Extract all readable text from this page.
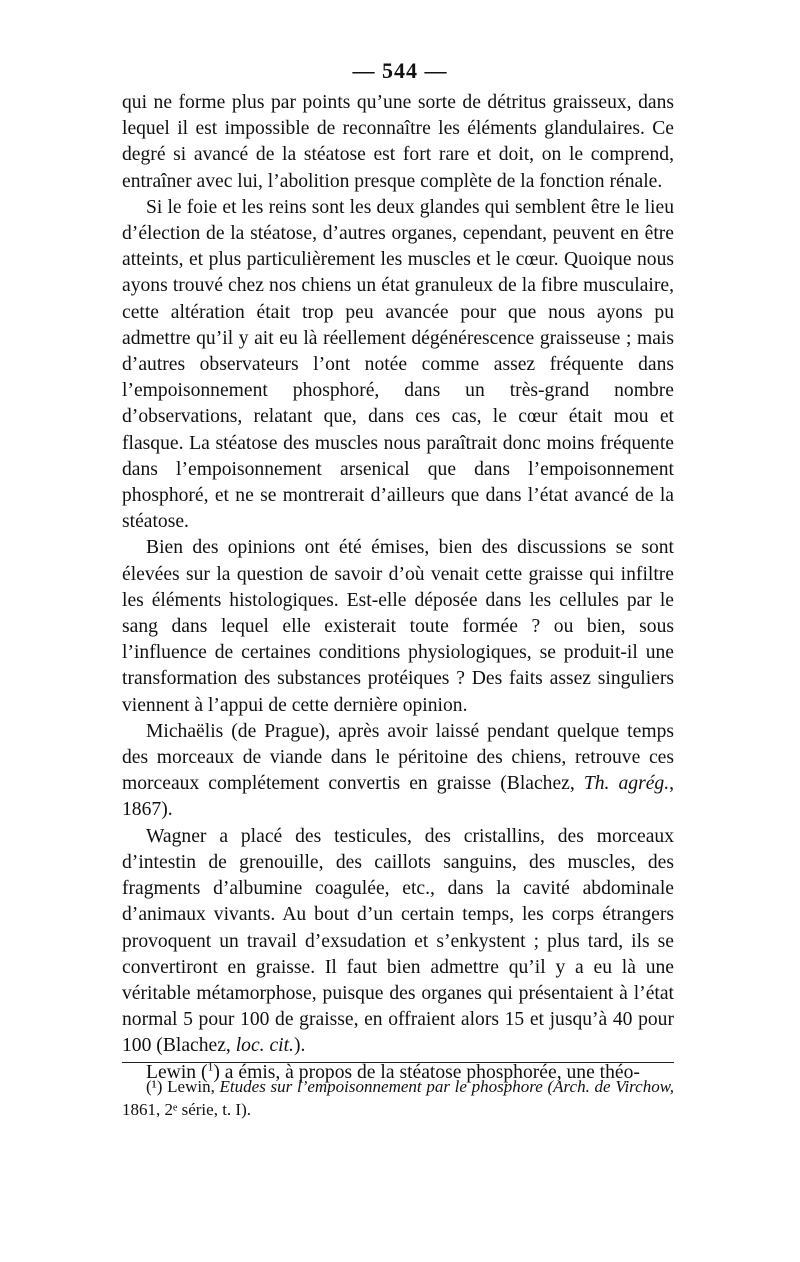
— 544 —

qui ne forme plus par points qu’une sorte de détritus graisseux, dans lequel il est impossible de reconnaître les éléments glandulaires. Ce degré si avancé de la stéatose est fort rare et doit, on le comprend, entraîner avec lui, l’abolition presque complète de la fonction rénale.

Si le foie et les reins sont les deux glandes qui semblent être le lieu d’élection de la stéatose, d’autres organes, cependant, peuvent en être atteints, et plus particulièrement les muscles et le cœur. Quoique nous ayons trouvé chez nos chiens un état granuleux de la fibre musculaire, cette altération était trop peu avancée pour que nous ayons pu admettre qu’il y ait eu là réellement dégénérescence graisseuse ; mais d’autres observateurs l’ont notée comme assez fréquente dans l’empoisonnement phosphoré, dans un très-grand nombre d’observations, relatant que, dans ces cas, le cœur était mou et flasque. La stéatose des muscles nous paraîtrait donc moins fréquente dans l’empoisonnement arsenical que dans l’empoisonnement phosphoré, et ne se montrerait d’ailleurs que dans l’état avancé de la stéatose.

Bien des opinions ont été émises, bien des discussions se sont élevées sur la question de savoir d’où venait cette graisse qui infiltre les éléments histologiques. Est-elle déposée dans les cellules par le sang dans lequel elle existerait toute formée ? ou bien, sous l’influence de certaines conditions physiologiques, se produit-il une transformation des substances protéiques ? Des faits assez singuliers viennent à l’appui de cette dernière opinion.

Michaëlis (de Prague), après avoir laissé pendant quelque temps des morceaux de viande dans le péritoine des chiens, retrouve ces morceaux complétement convertis en graisse (Blachez, Th. agrég., 1867).

Wagner a placé des testicules, des cristallins, des morceaux d’intestin de grenouille, des caillots sanguins, des muscles, des fragments d’albumine coagulée, etc., dans la cavité abdominale d’animaux vivants. Au bout d’un certain temps, les corps étrangers provoquent un travail d’exsudation et s’enkystent ; plus tard, ils se convertiront en graisse. Il faut bien admettre qu’il y a eu là une véritable métamorphose, puisque des organes qui présentaient à l’état normal 5 pour 100 de graisse, en offraient alors 15 et jusqu’à 40 pour 100 (Blachez, loc. cit.).

Lewin ($^1$) a émis, à propos de la stéatose phosphorée, une théo-

(¹) Lewin, Etudes sur l’empoisonnement par le phosphore (Arch. de Virchow, 1861, 2ᵉ série, t. I).
